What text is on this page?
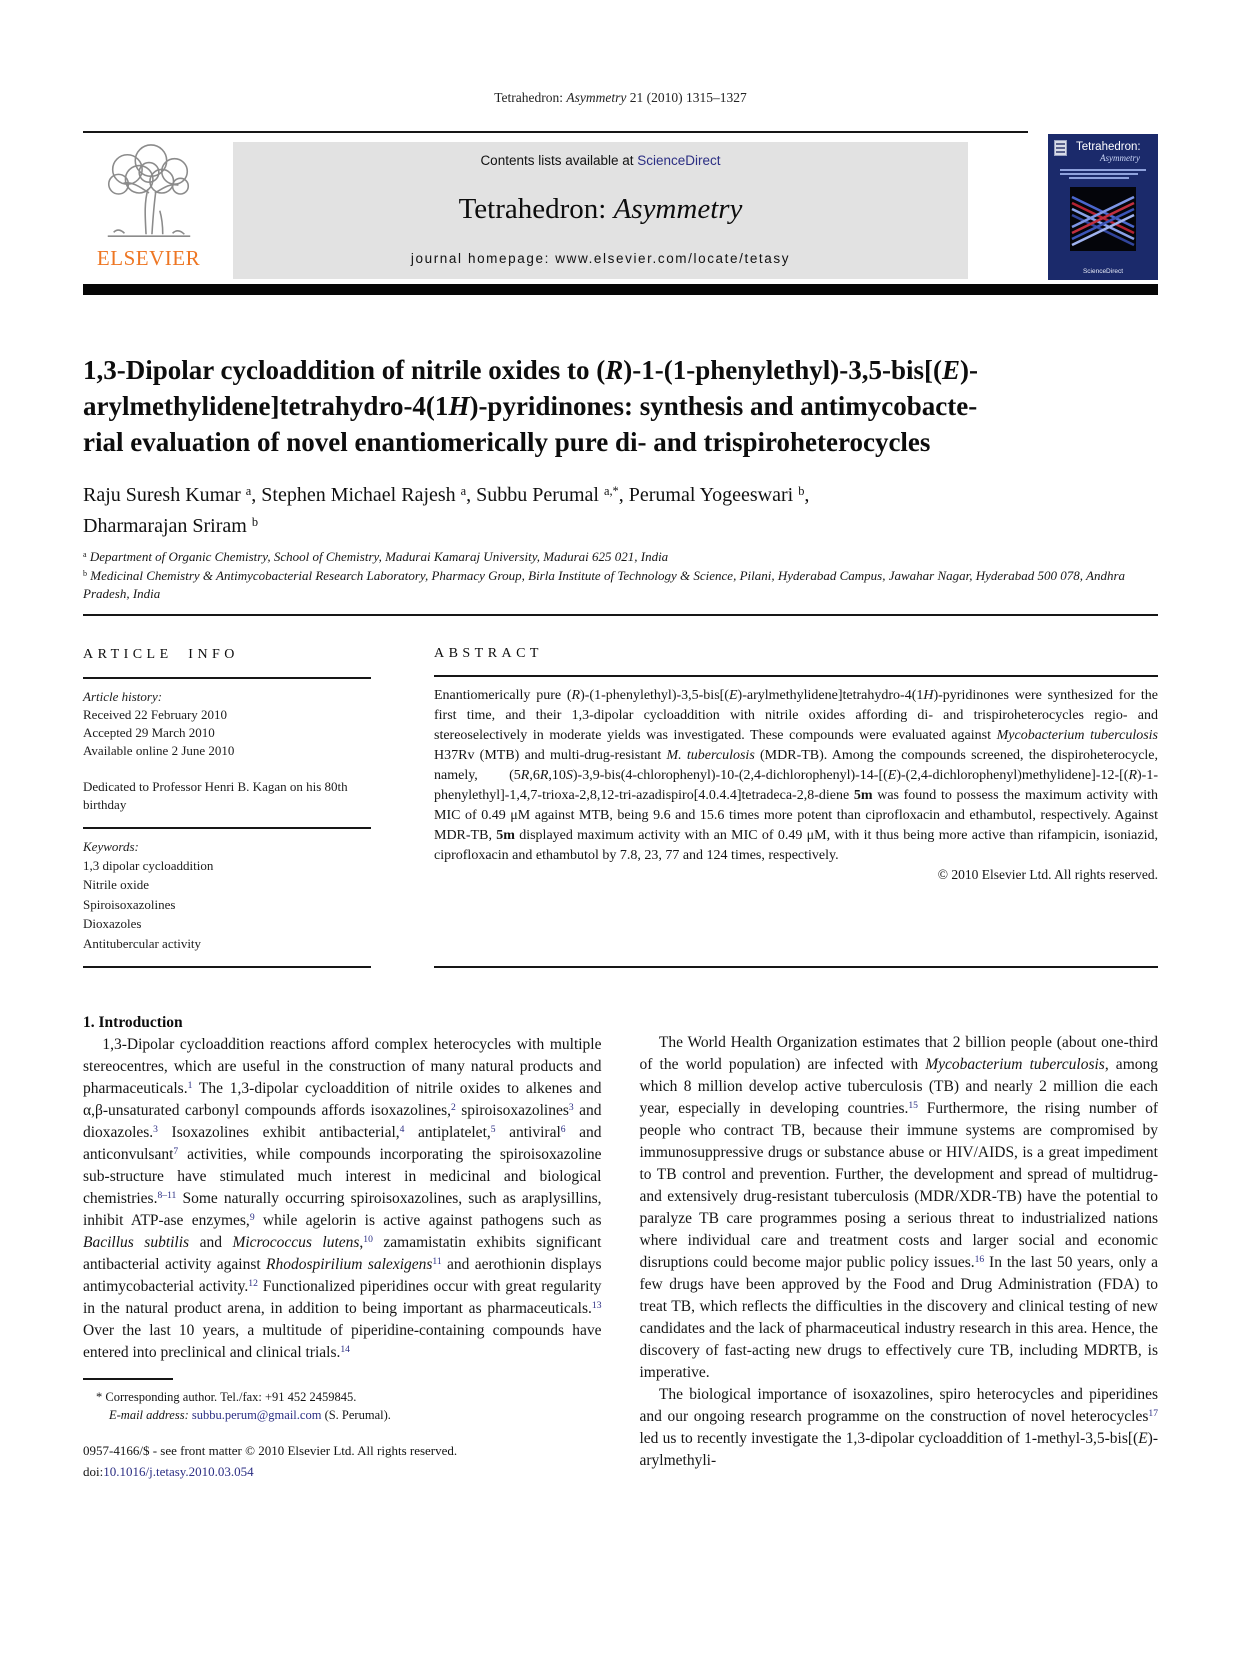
Tetrahedron: Asymmetry 21 (2010) 1315–1327
ELSEVIER
Contents lists available at ScienceDirect
Tetrahedron: Asymmetry
journal homepage: www.elsevier.com/locate/tetasy
Tetrahedron:
Asymmetry
ScienceDirect
1,3-Dipolar cycloaddition of nitrile oxides to (R)-1-(1-phenylethyl)-3,5-bis[(E)-
arylmethylidene]tetrahydro-4(1H)-pyridinones: synthesis and antimycobacte-
rial evaluation of novel enantiomerically pure di- and trispiroheterocycles
Raju Suresh Kumar $^a$, Stephen Michael Rajesh $^a$, Subbu Perumal $^{a,*}$, Perumal Yogeeswari $^b$,
Dharmarajan Sriram $^b$
$^a$ Department of Organic Chemistry, School of Chemistry, Madurai Kamaraj University, Madurai 625 021, India
$^b$ Medicinal Chemistry & Antimycobacterial Research Laboratory, Pharmacy Group, Birla Institute of Technology & Science, Pilani, Hyderabad Campus, Jawahar Nagar, Hyderabad 500 078, Andhra Pradesh, India
ARTICLE INFO
Article history:
Received 22 February 2010
Accepted 29 March 2010
Available online 2 June 2010
Dedicated to Professor Henri B. Kagan on his 80th birthday
Keywords:
1,3 dipolar cycloaddition
Nitrile oxide
Spiroisoxazolines
Dioxazoles
Antitubercular activity
ABSTRACT
Enantiomerically pure (R)-(1-phenylethyl)-3,5-bis[(E)-arylmethylidene]tetrahydro-4(1H)-pyridinones were synthesized for the first time, and their 1,3-dipolar cycloaddition with nitrile oxides affording di- and trispiroheterocycles regio- and stereoselectively in moderate yields was investigated. These compounds were evaluated against Mycobacterium tuberculosis H37Rv (MTB) and multi-drug-resistant M. tuberculosis (MDR-TB). Among the compounds screened, the dispiroheterocycle, namely, (5R,6R,10S)-3,9-bis(4-chlorophenyl)-10-(2,4-dichlorophenyl)-14-[(E)-(2,4-dichlorophenyl)methylidene]-12-[(R)-1-phenylethyl]-1,4,7-trioxa-2,8,12-tri-azadispiro[4.0.4.4]tetradeca-2,8-diene 5m was found to possess the maximum activity with MIC of 0.49 μM against MTB, being 9.6 and 15.6 times more potent than ciprofloxacin and ethambutol, respectively. Against MDR-TB, 5m displayed maximum activity with an MIC of 0.49 μM, with it thus being more active than rifampicin, isoniazid, ciprofloxacin and ethambutol by 7.8, 23, 77 and 124 times, respectively.
© 2010 Elsevier Ltd. All rights reserved.
1. Introduction
1,3-Dipolar cycloaddition reactions afford complex heterocycles with multiple stereocentres, which are useful in the construction of many natural products and pharmaceuticals.$^1$ The 1,3-dipolar cycloaddition of nitrile oxides to alkenes and α,β-unsaturated carbonyl compounds affords isoxazolines,$^2$ spiroisoxazolines$^3$ and dioxazoles.$^3$ Isoxazolines exhibit antibacterial,$^4$ antiplatelet,$^5$ antiviral$^6$ and anticonvulsant$^7$ activities, while compounds incorporating the spiroisoxazoline sub-structure have stimulated much interest in medicinal and biological chemistries.$^{8-11}$ Some naturally occurring spiroisoxazolines, such as araplysillins, inhibit ATP-ase enzymes,$^9$ while agelorin is active against pathogens such as Bacillus subtilis and Micrococcus lutens,$^{10}$ zamamistatin exhibits significant antibacterial activity against Rhodospirilium salexigens$^{11}$ and aerothionin displays antimycobacterial activity.$^{12}$ Functionalized piperidines occur with great regularity in the natural product arena, in addition to being important as pharmaceuticals.$^{13}$ Over the last 10 years, a multitude of piperidine-containing compounds have entered into preclinical and clinical trials.$^{14}$
* Corresponding author. Tel./fax: +91 452 2459845.
E-mail address: subbu.perum@gmail.com (S. Perumal).
0957-4166/$ - see front matter © 2010 Elsevier Ltd. All rights reserved.
doi:10.1016/j.tetasy.2010.03.054
The World Health Organization estimates that 2 billion people (about one-third of the world population) are infected with Mycobacterium tuberculosis, among which 8 million develop active tuberculosis (TB) and nearly 2 million die each year, especially in developing countries.$^{15}$ Furthermore, the rising number of people who contract TB, because their immune systems are compromised by immunosuppressive drugs or substance abuse or HIV/AIDS, is a great impediment to TB control and prevention. Further, the development and spread of multidrug- and extensively drug-resistant tuberculosis (MDR/XDR-TB) have the potential to paralyze TB care programmes posing a serious threat to industrialized nations where individual care and treatment costs and larger social and economic disruptions could become major public policy issues.$^{16}$ In the last 50 years, only a few drugs have been approved by the Food and Drug Administration (FDA) to treat TB, which reflects the difficulties in the discovery and clinical testing of new candidates and the lack of pharmaceutical industry research in this area. Hence, the discovery of fast-acting new drugs to effectively cure TB, including MDRTB, is imperative.
The biological importance of isoxazolines, spiro heterocycles and piperidines and our ongoing research programme on the construction of novel heterocycles$^{17}$ led us to recently investigate the 1,3-dipolar cycloaddition of 1-methyl-3,5-bis[(E)-arylmethyli-
